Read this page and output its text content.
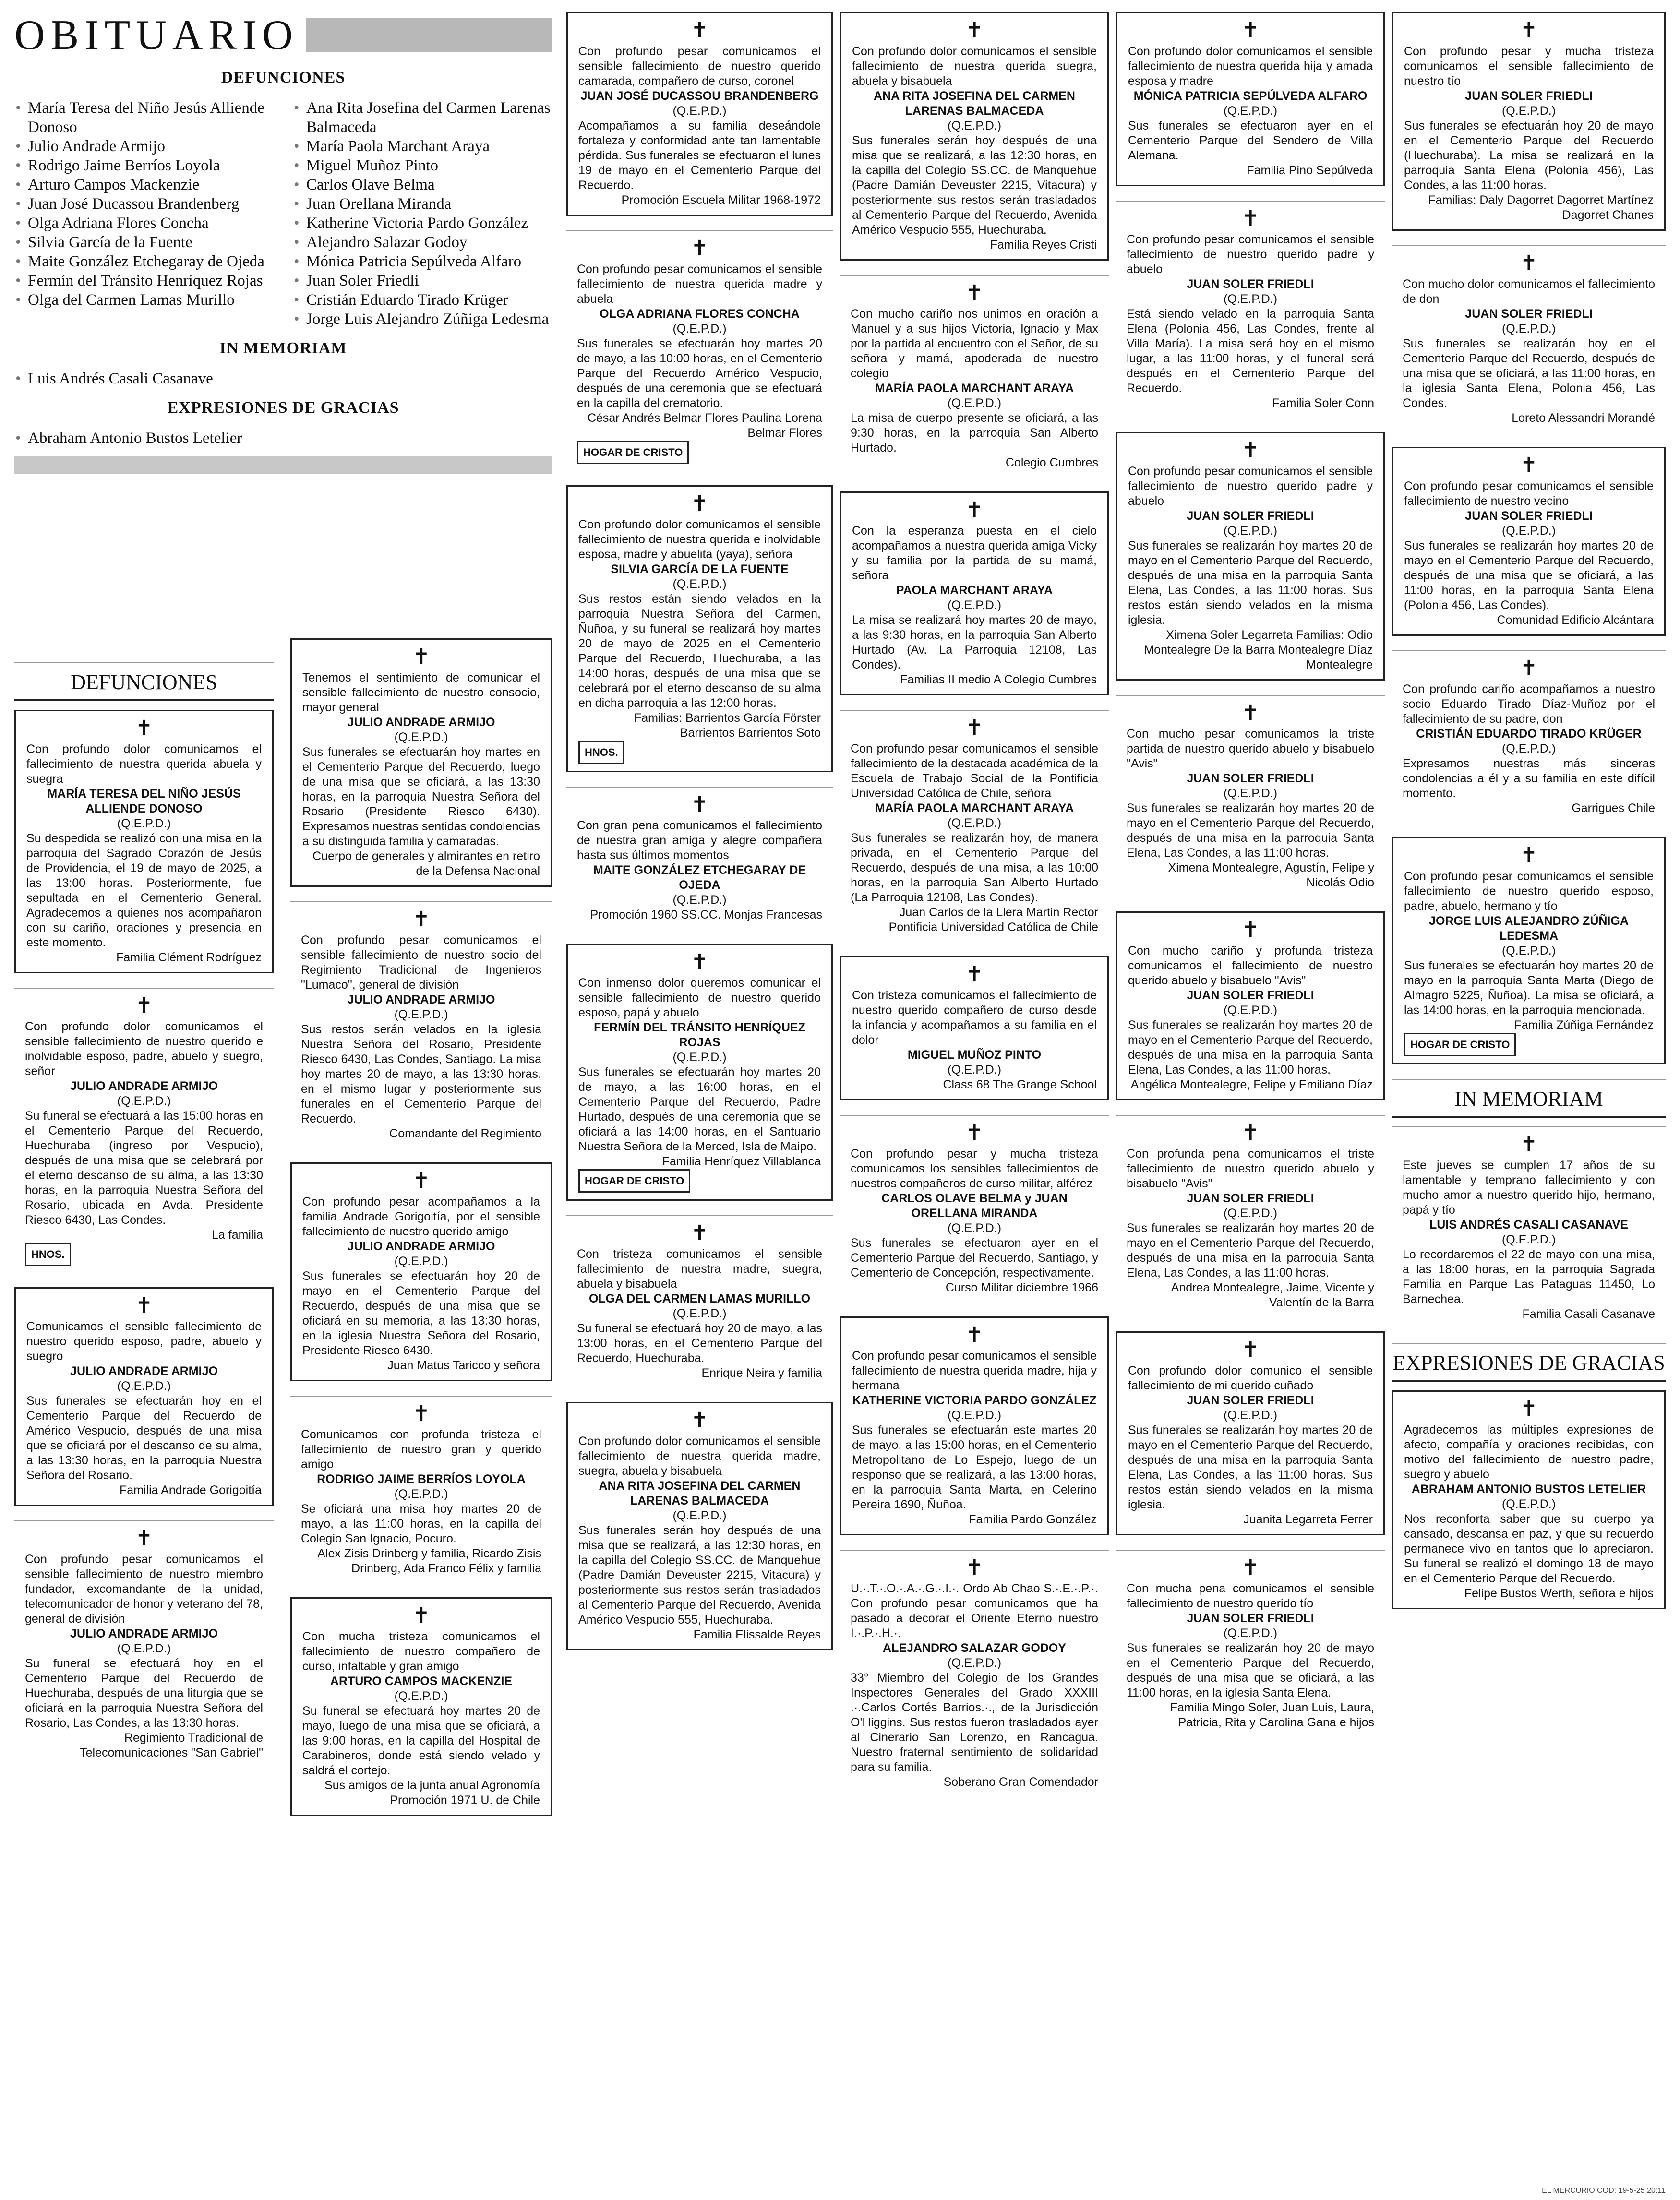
OBITUARIO
DEFUNCIONES
• María Teresa del Niño Jesús Alliende Donoso
• Julio Andrade Armijo
• Rodrigo Jaime Berríos Loyola
• Arturo Campos Mackenzie
• Juan José Ducassou Brandenberg
• Olga Adriana Flores Concha
• Silvia García de la Fuente
• Maite González Etchegaray de Ojeda
• Fermín del Tránsito Henríquez Rojas
• Olga del Carmen Lamas Murillo
• Ana Rita Josefina del Carmen Larenas Balmaceda
• María Paola Marchant Araya
• Miguel Muñoz Pinto
• Carlos Olave Belma
• Juan Orellana Miranda
• Katherine Victoria Pardo González
• Alejandro Salazar Godoy
• Mónica Patricia Sepúlveda Alfaro
• Juan Soler Friedli
• Cristián Eduardo Tirado Krüger
• Jorge Luis Alejandro Zúñiga Ledesma
IN MEMORIAM
• Luis Andrés Casali Casanave
EXPRESIONES DE GRACIAS
• Abraham Antonio Bustos Letelier
DEFUNCIONES
✝
Con profundo dolor comunicamos el fallecimiento de nuestra querida abuela y suegra
MARÍA TERESA DEL NIÑO JESÚS ALLIENDE DONOSO
(Q.E.P.D.)
Su despedida se realizó con una misa en la parroquia del Sagrado Corazón de Jesús de Providencia, el 19 de mayo de 2025, a las 13:00 horas. Posteriormente, fue sepultada en el Cementerio General. Agradecemos a quienes nos acompañaron con su cariño, oraciones y presencia en este momento.
Familia Clément Rodríguez
✝
Con profundo dolor comunicamos el sensible fallecimiento de nuestro querido e inolvidable esposo, padre, abuelo y suegro, señor
JULIO ANDRADE ARMIJO
(Q.E.P.D.)
Su funeral se efectuará a las 15:00 horas en el Cementerio Parque del Recuerdo, Huechuraba (ingreso por Vespucio), después de una misa que se celebrará por el eterno descanso de su alma, a las 13:30 horas, en la parroquia Nuestra Señora del Rosario, ubicada en Avda. Presidente Riesco 6430, Las Condes.
La familia
HNOS.
✝
Comunicamos el sensible fallecimiento de nuestro querido esposo, padre, abuelo y suegro
JULIO ANDRADE ARMIJO
(Q.E.P.D.)
Sus funerales se efectuarán hoy en el Cementerio Parque del Recuerdo de Américo Vespucio, después de una misa que se oficiará por el descanso de su alma, a las 13:30 horas, en la parroquia Nuestra Señora del Rosario.
Familia Andrade Gorigoitía
✝
Con profundo pesar comunicamos el sensible fallecimiento de nuestro miembro fundador, excomandante de la unidad, telecomunicador de honor y veterano del 78, general de división
JULIO ANDRADE ARMIJO
(Q.E.P.D.)
Su funeral se efectuará hoy en el Cementerio Parque del Recuerdo de Huechuraba, después de una liturgia que se oficiará en la parroquia Nuestra Señora del Rosario, Las Condes, a las 13:30 horas.
Regimiento Tradicional de Telecomunicaciones "San Gabriel"
✝
Tenemos el sentimiento de comunicar el sensible fallecimiento de nuestro consocio, mayor general
JULIO ANDRADE ARMIJO
(Q.E.P.D.)
Sus funerales se efectuarán hoy martes en el Cementerio Parque del Recuerdo, luego de una misa que se oficiará, a las 13:30 horas, en la parroquia Nuestra Señora del Rosario (Presidente Riesco 6430). Expresamos nuestras sentidas condolencias a su distinguida familia y camaradas.
Cuerpo de generales y almirantes en retiro de la Defensa Nacional
✝
Con profundo pesar comunicamos el sensible fallecimiento de nuestro socio del Regimiento Tradicional de Ingenieros "Lumaco", general de división
JULIO ANDRADE ARMIJO
(Q.E.P.D.)
Sus restos serán velados en la iglesia Nuestra Señora del Rosario, Presidente Riesco 6430, Las Condes, Santiago. La misa hoy martes 20 de mayo, a las 13:30 horas, en el mismo lugar y posteriormente sus funerales en el Cementerio Parque del Recuerdo.
Comandante del Regimiento
✝
Con profundo pesar acompañamos a la familia Andrade Gorigoitía, por el sensible fallecimiento de nuestro querido amigo
JULIO ANDRADE ARMIJO
(Q.E.P.D.)
Sus funerales se efectuarán hoy 20 de mayo en el Cementerio Parque del Recuerdo, después de una misa que se oficiará en su memoria, a las 13:30 horas, en la iglesia Nuestra Señora del Rosario, Presidente Riesco 6430.
Juan Matus Taricco y señora
✝
Comunicamos con profunda tristeza el fallecimiento de nuestro gran y querido amigo
RODRIGO JAIME BERRÍOS LOYOLA
(Q.E.P.D.)
Se oficiará una misa hoy martes 20 de mayo, a las 11:00 horas, en la capilla del Colegio San Ignacio, Pocuro.
Alex Zisis Drinberg y familia, Ricardo Zisis Drinberg, Ada Franco Félix y familia
✝
Con mucha tristeza comunicamos el fallecimiento de nuestro compañero de curso, infaltable y gran amigo
ARTURO CAMPOS MACKENZIE
(Q.E.P.D.)
Su funeral se efectuará hoy martes 20 de mayo, luego de una misa que se oficiará, a las 9:00 horas, en la capilla del Hospital de Carabineros, donde está siendo velado y saldrá el cortejo.
Sus amigos de la junta anual Agronomía Promoción 1971 U. de Chile
✝
Con profundo pesar comunicamos el sensible fallecimiento de nuestro querido camarada, compañero de curso, coronel
JUAN JOSÉ DUCASSOU BRANDENBERG
(Q.E.P.D.)
Acompañamos a su familia deseándole fortaleza y conformidad ante tan lamentable pérdida. Sus funerales se efectuaron el lunes 19 de mayo en el Cementerio Parque del Recuerdo.
Promoción Escuela Militar 1968-1972
✝
Con profundo pesar comunicamos el sensible fallecimiento de nuestra querida madre y abuela
OLGA ADRIANA FLORES CONCHA
(Q.E.P.D.)
Sus funerales se efectuarán hoy martes 20 de mayo, a las 10:00 horas, en el Cementerio Parque del Recuerdo Américo Vespucio, después de una ceremonia que se efectuará en la capilla del crematorio.
César Andrés Belmar Flores Paulina Lorena Belmar Flores
HOGAR DE CRISTO
✝
Con profundo dolor comunicamos el sensible fallecimiento de nuestra querida e inolvidable esposa, madre y abuelita (yaya), señora
SILVIA GARCÍA DE LA FUENTE
(Q.E.P.D.)
Sus restos están siendo velados en la parroquia Nuestra Señora del Carmen, Ñuñoa, y su funeral se realizará hoy martes 20 de mayo de 2025 en el Cementerio Parque del Recuerdo, Huechuraba, a las 14:00 horas, después de una misa que se celebrará por el eterno descanso de su alma en dicha parroquia a las 12:00 horas.
Familias: Barrientos García Förster Barrientos Barrientos Soto
HNOS.
✝
Con gran pena comunicamos el fallecimiento de nuestra gran amiga y alegre compañera hasta sus últimos momentos
MAITE GONZÁLEZ ETCHEGARAY DE OJEDA
(Q.E.P.D.)
Promoción 1960 SS.CC. Monjas Francesas
✝
Con inmenso dolor queremos comunicar el sensible fallecimiento de nuestro querido esposo, papá y abuelo
FERMÍN DEL TRÁNSITO HENRÍQUEZ ROJAS
(Q.E.P.D.)
Sus funerales se efectuarán hoy martes 20 de mayo, a las 16:00 horas, en el Cementerio Parque del Recuerdo, Padre Hurtado, después de una ceremonia que se oficiará a las 14:00 horas, en el Santuario Nuestra Señora de la Merced, Isla de Maipo.
Familia Henríquez Villablanca
HOGAR DE CRISTO
✝
Con tristeza comunicamos el sensible fallecimiento de nuestra madre, suegra, abuela y bisabuela
OLGA DEL CARMEN LAMAS MURILLO
(Q.E.P.D.)
Su funeral se efectuará hoy 20 de mayo, a las 13:00 horas, en el Cementerio Parque del Recuerdo, Huechuraba.
Enrique Neira y familia
✝
Con profundo dolor comunicamos el sensible fallecimiento de nuestra querida madre, suegra, abuela y bisabuela
ANA RITA JOSEFINA DEL CARMEN LARENAS BALMACEDA
(Q.E.P.D.)
Sus funerales serán hoy después de una misa que se realizará, a las 12:30 horas, en la capilla del Colegio SS.CC. de Manquehue (Padre Damián Deveuster 2215, Vitacura) y posteriormente sus restos serán trasladados al Cementerio Parque del Recuerdo, Avenida Américo Vespucio 555, Huechuraba.
Familia Elissalde Reyes
✝
Con profundo dolor comunicamos el sensible fallecimiento de nuestra querida suegra, abuela y bisabuela
ANA RITA JOSEFINA DEL CARMEN LARENAS BALMACEDA
(Q.E.P.D.)
Sus funerales serán hoy después de una misa que se realizará, a las 12:30 horas, en la capilla del Colegio SS.CC. de Manquehue (Padre Damián Deveuster 2215, Vitacura) y posteriormente sus restos serán trasladados al Cementerio Parque del Recuerdo, Avenida Américo Vespucio 555, Huechuraba.
Familia Reyes Cristi
✝
Con mucho cariño nos unimos en oración a Manuel y a sus hijos Victoria, Ignacio y Max por la partida al encuentro con el Señor, de su señora y mamá, apoderada de nuestro colegio
MARÍA PAOLA MARCHANT ARAYA
(Q.E.P.D.)
La misa de cuerpo presente se oficiará, a las 9:30 horas, en la parroquia San Alberto Hurtado.
Colegio Cumbres
✝
Con la esperanza puesta en el cielo acompañamos a nuestra querida amiga Vicky y su familia por la partida de su mamá, señora
PAOLA MARCHANT ARAYA
(Q.E.P.D.)
La misa se realizará hoy martes 20 de mayo, a las 9:30 horas, en la parroquia San Alberto Hurtado (Av. La Parroquia 12108, Las Condes).
Familias II medio A Colegio Cumbres
✝
Con profundo pesar comunicamos el sensible fallecimiento de la destacada académica de la Escuela de Trabajo Social de la Pontificia Universidad Católica de Chile, señora
MARÍA PAOLA MARCHANT ARAYA
(Q.E.P.D.)
Sus funerales se realizarán hoy, de manera privada, en el Cementerio Parque del Recuerdo, después de una misa, a las 10:00 horas, en la parroquia San Alberto Hurtado (La Parroquia 12108, Las Condes).
Juan Carlos de la Llera Martin Rector Pontificia Universidad Católica de Chile
✝
Con tristeza comunicamos el fallecimiento de nuestro querido compañero de curso desde la infancia y acompañamos a su familia en el dolor
MIGUEL MUÑOZ PINTO
(Q.E.P.D.)
Class 68 The Grange School
✝
Con profundo pesar y mucha tristeza comunicamos los sensibles fallecimientos de nuestros compañeros de curso militar, alférez
CARLOS OLAVE BELMA y JUAN ORELLANA MIRANDA
(Q.E.P.D.)
Sus funerales se efectuaron ayer en el Cementerio Parque del Recuerdo, Santiago, y Cementerio de Concepción, respectivamente.
Curso Militar diciembre 1966
✝
Con profundo pesar comunicamos el sensible fallecimiento de nuestra querida madre, hija y hermana
KATHERINE VICTORIA PARDO GONZÁLEZ
(Q.E.P.D.)
Sus funerales se efectuarán este martes 20 de mayo, a las 15:00 horas, en el Cementerio Metropolitano de Lo Espejo, luego de un responso que se realizará, a las 13:00 horas, en la parroquia Santa Marta, en Celerino Pereira 1690, Ñuñoa.
Familia Pardo González
✝
U.·.T.·.O.·.A.·.G.·.I.·. Ordo Ab Chao S.·.E.·.P.·. Con profundo pesar comunicamos que ha pasado a decorar el Oriente Eterno nuestro I.·.P.·.H.·.
ALEJANDRO SALAZAR GODOY
(Q.E.P.D.)
33° Miembro del Colegio de los Grandes Inspectores Generales del Grado XXXIII .·.Carlos Cortés Barrios.·., de la Jurisdicción O'Higgins. Sus restos fueron trasladados ayer al Cinerario San Lorenzo, en Rancagua. Nuestro fraternal sentimiento de solidaridad para su familia.
Soberano Gran Comendador
✝
Con profundo dolor comunicamos el sensible fallecimiento de nuestra querida hija y amada esposa y madre
MÓNICA PATRICIA SEPÚLVEDA ALFARO
(Q.E.P.D.)
Sus funerales se efectuaron ayer en el Cementerio Parque del Sendero de Villa Alemana.
Familia Pino Sepúlveda
✝
Con profundo pesar comunicamos el sensible fallecimiento de nuestro querido padre y abuelo
JUAN SOLER FRIEDLI
(Q.E.P.D.)
Está siendo velado en la parroquia Santa Elena (Polonia 456, Las Condes, frente al Villa María). La misa será hoy en el mismo lugar, a las 11:00 horas, y el funeral será después en el Cementerio Parque del Recuerdo.
Familia Soler Conn
✝
Con profundo pesar comunicamos el sensible fallecimiento de nuestro querido padre y abuelo
JUAN SOLER FRIEDLI
(Q.E.P.D.)
Sus funerales se realizarán hoy martes 20 de mayo en el Cementerio Parque del Recuerdo, después de una misa en la parroquia Santa Elena, Las Condes, a las 11:00 horas. Sus restos están siendo velados en la misma iglesia.
Ximena Soler Legarreta Familias: Odio Montealegre De la Barra Montealegre Díaz Montealegre
✝
Con mucho pesar comunicamos la triste partida de nuestro querido abuelo y bisabuelo "Avis"
JUAN SOLER FRIEDLI
(Q.E.P.D.)
Sus funerales se realizarán hoy martes 20 de mayo en el Cementerio Parque del Recuerdo, después de una misa en la parroquia Santa Elena, Las Condes, a las 11:00 horas.
Ximena Montealegre, Agustín, Felipe y Nicolás Odio
✝
Con mucho cariño y profunda tristeza comunicamos el fallecimiento de nuestro querido abuelo y bisabuelo "Avis"
JUAN SOLER FRIEDLI
(Q.E.P.D.)
Sus funerales se realizarán hoy martes 20 de mayo en el Cementerio Parque del Recuerdo, después de una misa en la parroquia Santa Elena, Las Condes, a las 11:00 horas.
Angélica Montealegre, Felipe y Emiliano Díaz
✝
Con profunda pena comunicamos el triste fallecimiento de nuestro querido abuelo y bisabuelo "Avis"
JUAN SOLER FRIEDLI
(Q.E.P.D.)
Sus funerales se realizarán hoy martes 20 de mayo en el Cementerio Parque del Recuerdo, después de una misa en la parroquia Santa Elena, Las Condes, a las 11:00 horas.
Andrea Montealegre, Jaime, Vicente y Valentín de la Barra
✝
Con profundo dolor comunico el sensible fallecimiento de mi querido cuñado
JUAN SOLER FRIEDLI
(Q.E.P.D.)
Sus funerales se realizarán hoy martes 20 de mayo en el Cementerio Parque del Recuerdo, después de una misa en la parroquia Santa Elena, Las Condes, a las 11:00 horas. Sus restos están siendo velados en la misma iglesia.
Juanita Legarreta Ferrer
✝
Con mucha pena comunicamos el sensible fallecimiento de nuestro querido tío
JUAN SOLER FRIEDLI
(Q.E.P.D.)
Sus funerales se realizarán hoy 20 de mayo en el Cementerio Parque del Recuerdo, después de una misa que se oficiará, a las 11:00 horas, en la iglesia Santa Elena.
Familia Mingo Soler, Juan Luis, Laura, Patricia, Rita y Carolina Gana e hijos
✝
Con profundo pesar y mucha tristeza comunicamos el sensible fallecimiento de nuestro tío
JUAN SOLER FRIEDLI
(Q.E.P.D.)
Sus funerales se efectuarán hoy 20 de mayo en el Cementerio Parque del Recuerdo (Huechuraba). La misa se realizará en la parroquia Santa Elena (Polonia 456), Las Condes, a las 11:00 horas.
Familias: Daly Dagorret Dagorret Martínez Dagorret Chanes
✝
Con mucho dolor comunicamos el fallecimiento de don
JUAN SOLER FRIEDLI
(Q.E.P.D.)
Sus funerales se realizarán hoy en el Cementerio Parque del Recuerdo, después de una misa que se oficiará, a las 11:00 horas, en la iglesia Santa Elena, Polonia 456, Las Condes.
Loreto Alessandri Morandé
✝
Con profundo pesar comunicamos el sensible fallecimiento de nuestro vecino
JUAN SOLER FRIEDLI
(Q.E.P.D.)
Sus funerales se realizarán hoy martes 20 de mayo en el Cementerio Parque del Recuerdo, después de una misa que se oficiará, a las 11:00 horas, en la parroquia Santa Elena (Polonia 456, Las Condes).
Comunidad Edificio Alcántara
✝
Con profundo cariño acompañamos a nuestro socio Eduardo Tirado Díaz-Muñoz por el fallecimiento de su padre, don
CRISTIÁN EDUARDO TIRADO KRÜGER
(Q.E.P.D.)
Expresamos nuestras más sinceras condolencias a él y a su familia en este difícil momento.
Garrigues Chile
✝
Con profundo pesar comunicamos el sensible fallecimiento de nuestro querido esposo, padre, abuelo, hermano y tío
JORGE LUIS ALEJANDRO ZÚÑIGA LEDESMA
(Q.E.P.D.)
Sus funerales se efectuarán hoy martes 20 de mayo en la parroquia Santa Marta (Diego de Almagro 5225, Ñuñoa). La misa se oficiará, a las 14:00 horas, en la parroquia mencionada.
Familia Zúñiga Fernández
HOGAR DE CRISTO
IN MEMORIAM
✝
Este jueves se cumplen 17 años de su lamentable y temprano fallecimiento y con mucho amor a nuestro querido hijo, hermano, papá y tío
LUIS ANDRÉS CASALI CASANAVE
(Q.E.P.D.)
Lo recordaremos el 22 de mayo con una misa, a las 18:00 horas, en la parroquia Sagrada Familia en Parque Las Pataguas 11450, Lo Barnechea.
Familia Casali Casanave
EXPRESIONES DE GRACIAS
✝
Agradecemos las múltiples expresiones de afecto, compañía y oraciones recibidas, con motivo del fallecimiento de nuestro padre, suegro y abuelo
ABRAHAM ANTONIO BUSTOS LETELIER
(Q.E.P.D.)
Nos reconforta saber que su cuerpo ya cansado, descansa en paz, y que su recuerdo permanece vivo en tantos que lo apreciaron. Su funeral se realizó el domingo 18 de mayo en el Cementerio Parque del Recuerdo.
Felipe Bustos Werth, señora e hijos
EL MERCURIO COD: 19-5-25 20:11
